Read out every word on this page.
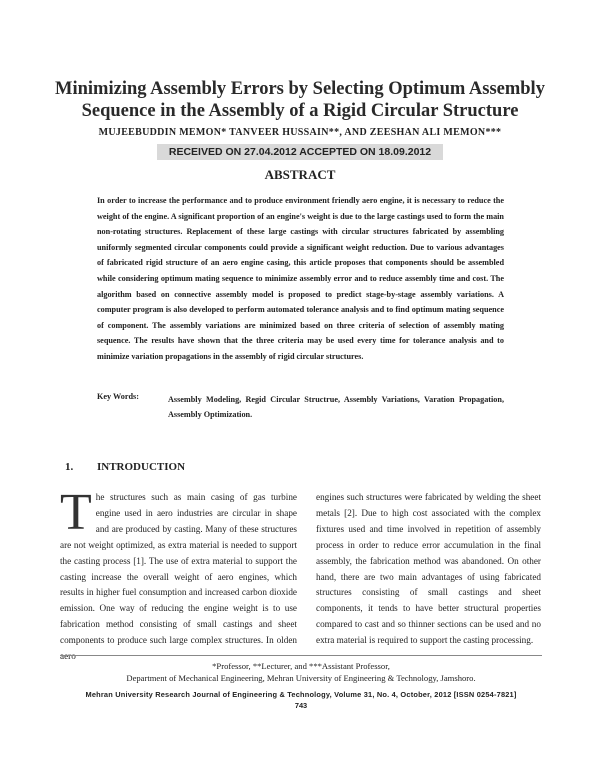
Minimizing Assembly Errors by Selecting Optimum Assembly Sequence in the Assembly of a Rigid Circular Structure
MUJEEBUDDIN MEMON* TANVEER HUSSAIN**, AND ZEESHAN ALI MEMON***
RECEIVED ON 27.04.2012 ACCEPTED ON 18.09.2012
ABSTRACT
In order to increase the performance and to produce environment friendly aero engine, it is necessary to reduce the weight of the engine. A significant proportion of an engine's weight is due to the large castings used to form the main non-rotating structures. Replacement of these large castings with circular structures fabricated by assembling uniformly segmented circular components could provide a significant weight reduction. Due to various advantages of fabricated rigid structure of an aero engine casing, this article proposes that components should be assembled while considering optimum mating sequence to minimize assembly error and to reduce assembly time and cost. The algorithm based on connective assembly model is proposed to predict stage-by-stage assembly variations. A computer program is also developed to perform automated tolerance analysis and to find optimum mating sequence of component. The assembly variations are minimized based on three criteria of selection of assembly mating sequence. The results have shown that the three criteria may be used every time for tolerance analysis and to minimize variation propagations in the assembly of rigid circular structures.
Key Words:	Assembly Modeling, Regid Circular Structrue, Assembly Variations, Varation Propagation, Assembly Optimization.
1. INTRODUCTION
The structures such as main casing of gas turbine engine used in aero industries are circular in shape and are produced by casting. Many of these structures are not weight optimized, as extra material is needed to support the casting process [1]. The use of extra material to support the casting increase the overall weight of aero engines, which results in higher fuel consumption and increased carbon dioxide emission. One way of reducing the engine weight is to use fabrication method consisting of small castings and sheet components to produce such large complex structures. In olden aero
engines such structures were fabricated by welding the sheet metals [2]. Due to high cost associated with the complex fixtures used and time involved in repetition of assembly process in order to reduce error accumulation in the final assembly, the fabrication method was abandoned. On other hand, there are two main advantages of using fabricated structures consisting of small castings and sheet components, it tends to have better structural properties compared to cast and so thinner sections can be used and no extra material is required to support the casting processing.
*Professor, **Lecturer, and ***Assistant Professor,
Department of Mechanical Engineering, Mehran University of Engineering & Technology, Jamshoro.
Mehran University Research Journal of Engineering & Technology, Volume 31, No. 4, October, 2012 [ISSN 0254-7821]
743
